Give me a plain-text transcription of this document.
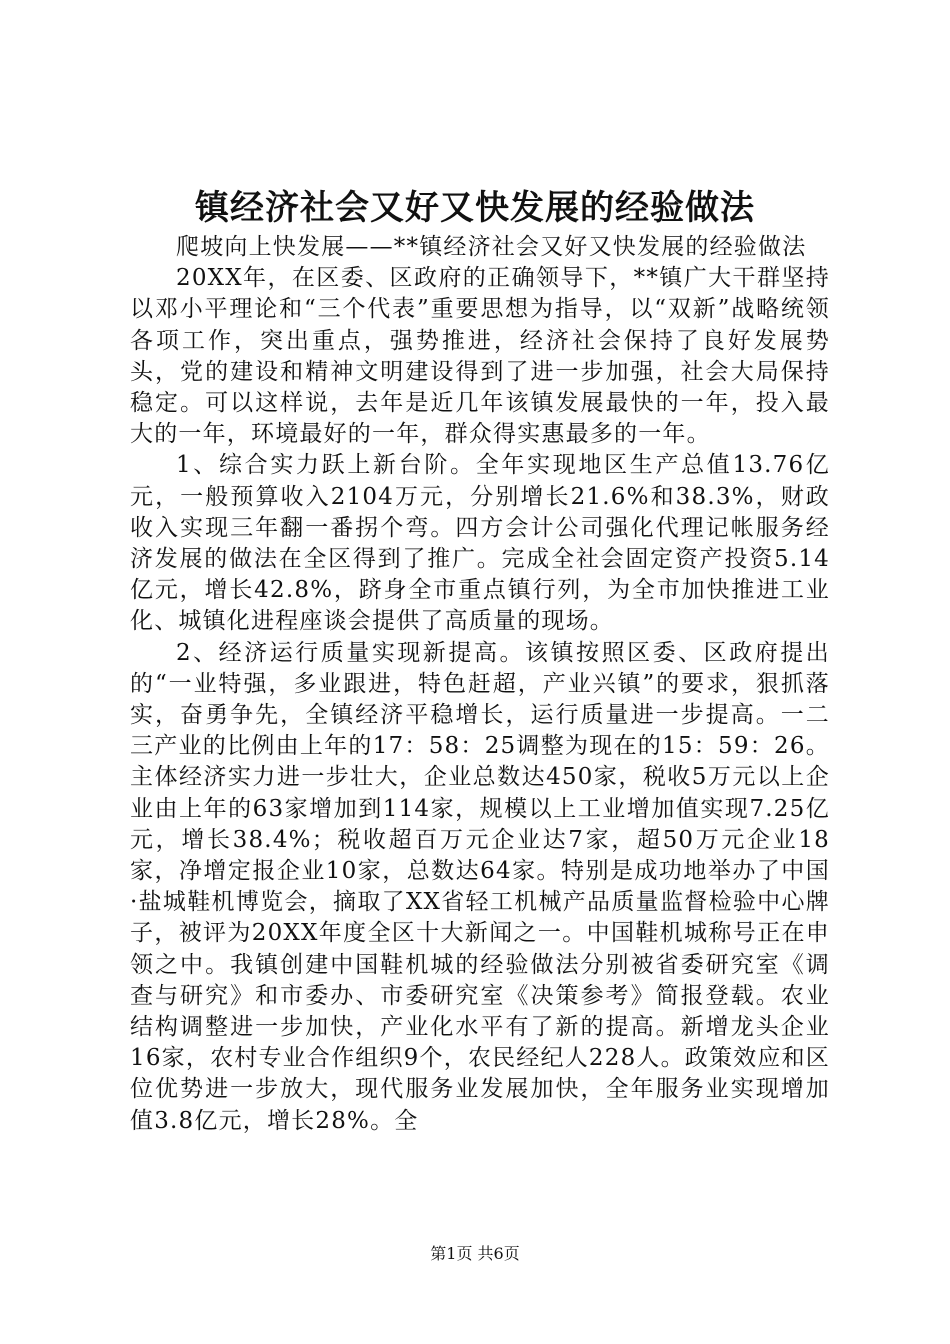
镇经济社会又好又快发展的经验做法

爬坡向上快发展——**镇经济社会又好又快发展的经验做法

20XX年，在区委、区政府的正确领导下，**镇广大干群坚持以邓小平理论和“三个代表”重要思想为指导，以“双新”战略统领各项工作，突出重点，强势推进，经济社会保持了良好发展势头，党的建设和精神文明建设得到了进一步加强，社会大局保持稳定。可以这样说，去年是近几年该镇发展最快的一年，投入最大的一年，环境最好的一年，群众得实惠最多的一年。

1、综合实力跃上新台阶。全年实现地区生产总值13.76亿元，一般预算收入2104万元，分别增长21.6%和38.3%，财政收入实现三年翻一番拐个弯。四方会计公司强化代理记帐服务经济发展的做法在全区得到了推广。完成全社会固定资产投资5.14亿元，增长42.8%，跻身全市重点镇行列，为全市加快推进工业化、城镇化进程座谈会提供了高质量的现场。

2、经济运行质量实现新提高。该镇按照区委、区政府提出的“一业特强，多业跟进，特色赶超，产业兴镇”的要求，狠抓落实，奋勇争先，全镇经济平稳增长，运行质量进一步提高。一二三产业的比例由上年的17：58：25调整为现在的15：59：26。主体经济实力进一步壮大，企业总数达450家，税收5万元以上企业由上年的63家增加到114家，规模以上工业增加值实现7.25亿元，增长38.4%；税收超百万元企业达7家，超50万元企业18家，净增定报企业10家，总数达64家。特别是成功地举办了中国·盐城鞋机博览会，摘取了XX省轻工机械产品质量监督检验中心牌子，被评为20XX年度全区十大新闻之一。中国鞋机城称号正在申领之中。我镇创建中国鞋机城的经验做法分别被省委研究室《调查与研究》和市委办、市委研究室《决策参考》简报登载。农业结构调整进一步加快，产业化水平有了新的提高。新增龙头企业16家，农村专业合作组织9个，农民经纪人228人。政策效应和区位优势进一步放大，现代服务业发展加快，全年服务业实现增加值3.8亿元，增长28%。全

第1页 共6页
